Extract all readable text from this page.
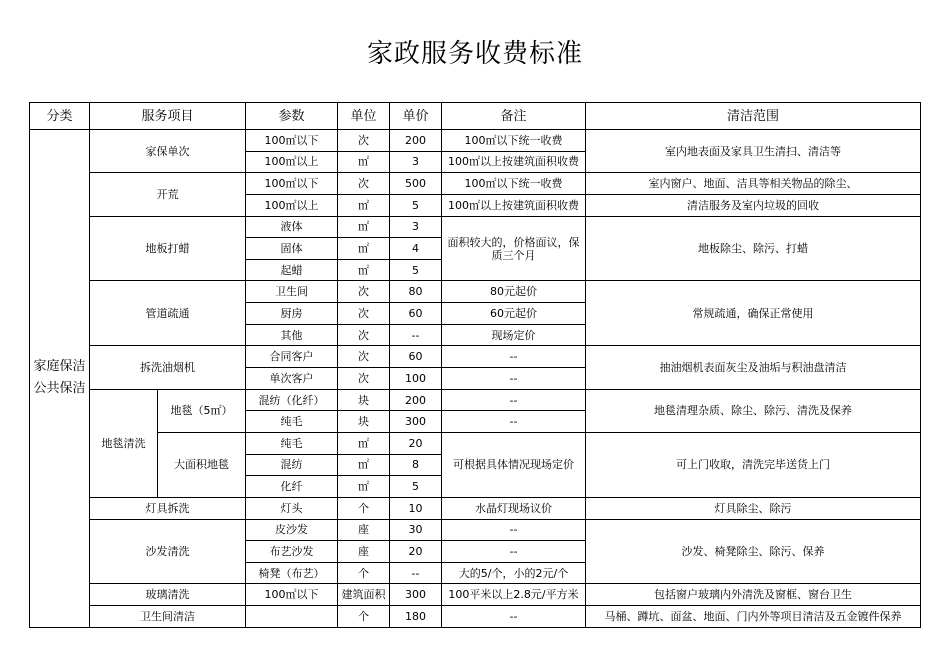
家政服务收费标准
分类	服务项目		参数	单位	单价	备注	清洁范围

家庭保洁
公共保洁	家保单次		100㎡以下	次	200	100㎡以下统一收费	室内地表面及家具卫生清扫、清洁等
			100㎡以上	㎡	3	100㎡以上按建筑面积收费	
	开荒		100㎡以下	次	500	100㎡以下统一收费	室内窗户、地面、洁具等相关物品的除尘、
			100㎡以上	㎡	5	100㎡以上按建筑面积收费	清洁服务及室内垃圾的回收
	地板打蜡		液体	㎡	3	面积较大的，价格面议，保质三个月	地板除尘、除污、打蜡
			固体	㎡	4		
			起蜡	㎡	5		
	管道疏通		卫生间	次	80	80元起价	常规疏通，确保正常使用
			厨房	次	60	60元起价	
			其他	次	--	现场定价	
	拆洗油烟机		合同客户	次	60	--	抽油烟机表面灰尘及油垢与积油盘清洁
			单次客户	次	100	--	
	地毯清洗	地毯（5㎡）	混纺（化纤）	块	200	--	地毯清理杂质、除尘、除污、清洗及保养
			纯毛	块	300	--	
		大面积地毯	纯毛	㎡	20	可根据具体情况现场定价	可上门收取，清洗完毕送货上门
			混纺	㎡	8		
			化纤	㎡	5		
	灯具拆洗		灯头	个	10	水晶灯现场议价	灯具除尘、除污
	沙发清洗		皮沙发	座	30	--	沙发、椅凳除尘、除污、保养
			布艺沙发	座	20	--	
			椅凳（布艺）	个	--	大的5/个，小的2元/个	
	玻璃清洗		100㎡以下	建筑面积	300	100平米以上2.8元/平方米	包括窗户玻璃内外清洗及窗框、窗台卫生
	卫生间清洁			个	180	--	马桶、蹲坑、面盆、地面、门内外等项目清洁及五金镀件保养
